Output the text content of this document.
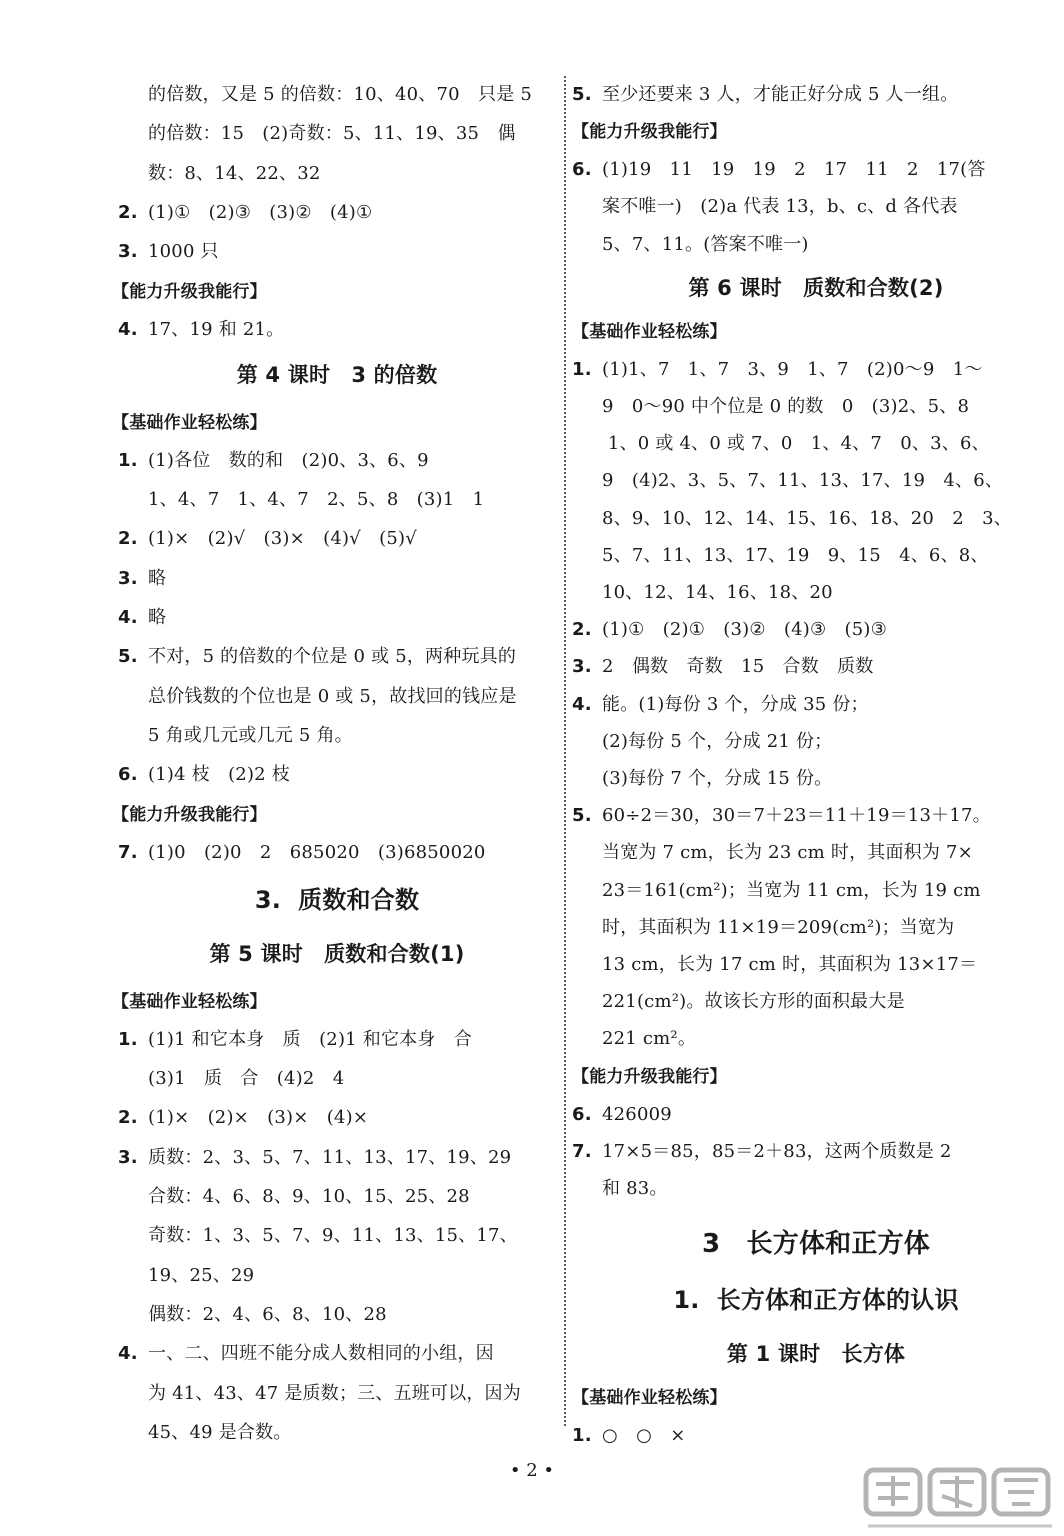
的倍数，又是 5 的倍数：10、40、70　只是 5
的倍数：15　(2)奇数：5、11、19、35　偶
数：8、14、22、32
2. (1)①　(2)③　(3)②　(4)①
3. 1000 只
【能力升级我能行】
4. 17、19 和 21。
第 4 课时　3 的倍数
【基础作业轻松练】
1. (1)各位　数的和　(2)0、3、6、9
1、4、7　1、4、7　2、5、8　(3)1　1
2. (1)×　(2)√　(3)×　(4)√　(5)√
3. 略
4. 略
5. 不对，5 的倍数的个位是 0 或 5，两种玩具的
总价钱数的个位也是 0 或 5，故找回的钱应是
5 角或几元或几元 5 角。
6. (1)4 枝　(2)2 枝
【能力升级我能行】
7. (1)0　(2)0　2　685020　(3)6850020
3.  质数和合数
第 5 课时　质数和合数(1)
【基础作业轻松练】
1. (1)1 和它本身　质　(2)1 和它本身　合
(3)1　质　合　(4)2　4
2. (1)×　(2)×　(3)×　(4)×
3. 质数：2、3、5、7、11、13、17、19、29
合数：4、6、8、9、10、15、25、28
奇数：1、3、5、7、9、11、13、15、17、
19、25、29
偶数：2、4、6、8、10、28
4. 一、二、四班不能分成人数相同的小组，因
为 41、43、47 是质数；三、五班可以，因为
45、49 是合数。
5. 至少还要来 3 人，才能正好分成 5 人一组。
【能力升级我能行】
6. (1)19　11　19　19　2　17　11　2　17(答
案不唯一)　(2)a 代表 13，b、c、d 各代表
5、7、11。(答案不唯一)
第 6 课时　质数和合数(2)
【基础作业轻松练】
1. (1)1、7　1、7　3、9　1、7　(2)0～9　1～
9　0～90 中个位是 0 的数　0　(3)2、5、8
1、0 或 4、0 或 7、0　1、4、7　0、3、6、
9　(4)2、3、5、7、11、13、17、19　4、6、
8、9、10、12、14、15、16、18、20　2　3、
5、7、11、13、17、19　9、15　4、6、8、
10、12、14、16、18、20
2. (1)①　(2)①　(3)②　(4)③　(5)③
3. 2　偶数　奇数　15　合数　质数
4. 能。(1)每份 3 个，分成 35 份；
(2)每份 5 个，分成 21 份；
(3)每份 7 个，分成 15 份。
5. 60÷2＝30，30＝7＋23＝11＋19＝13＋17。
当宽为 7 cm，长为 23 cm 时，其面积为 7×
23＝161(cm²)；当宽为 11 cm，长为 19 cm
时，其面积为 11×19＝209(cm²)；当宽为
13 cm，长为 17 cm 时，其面积为 13×17＝
221(cm²)。故该长方形的面积最大是
221 cm²。
【能力升级我能行】
6. 426009
7. 17×5＝85，85＝2＋83，这两个质数是 2
和 83。
3　长方体和正方体
1.  长方体和正方体的认识
第 1 课时　长方体
【基础作业轻松练】
1. ○　○　×
• 2 •
